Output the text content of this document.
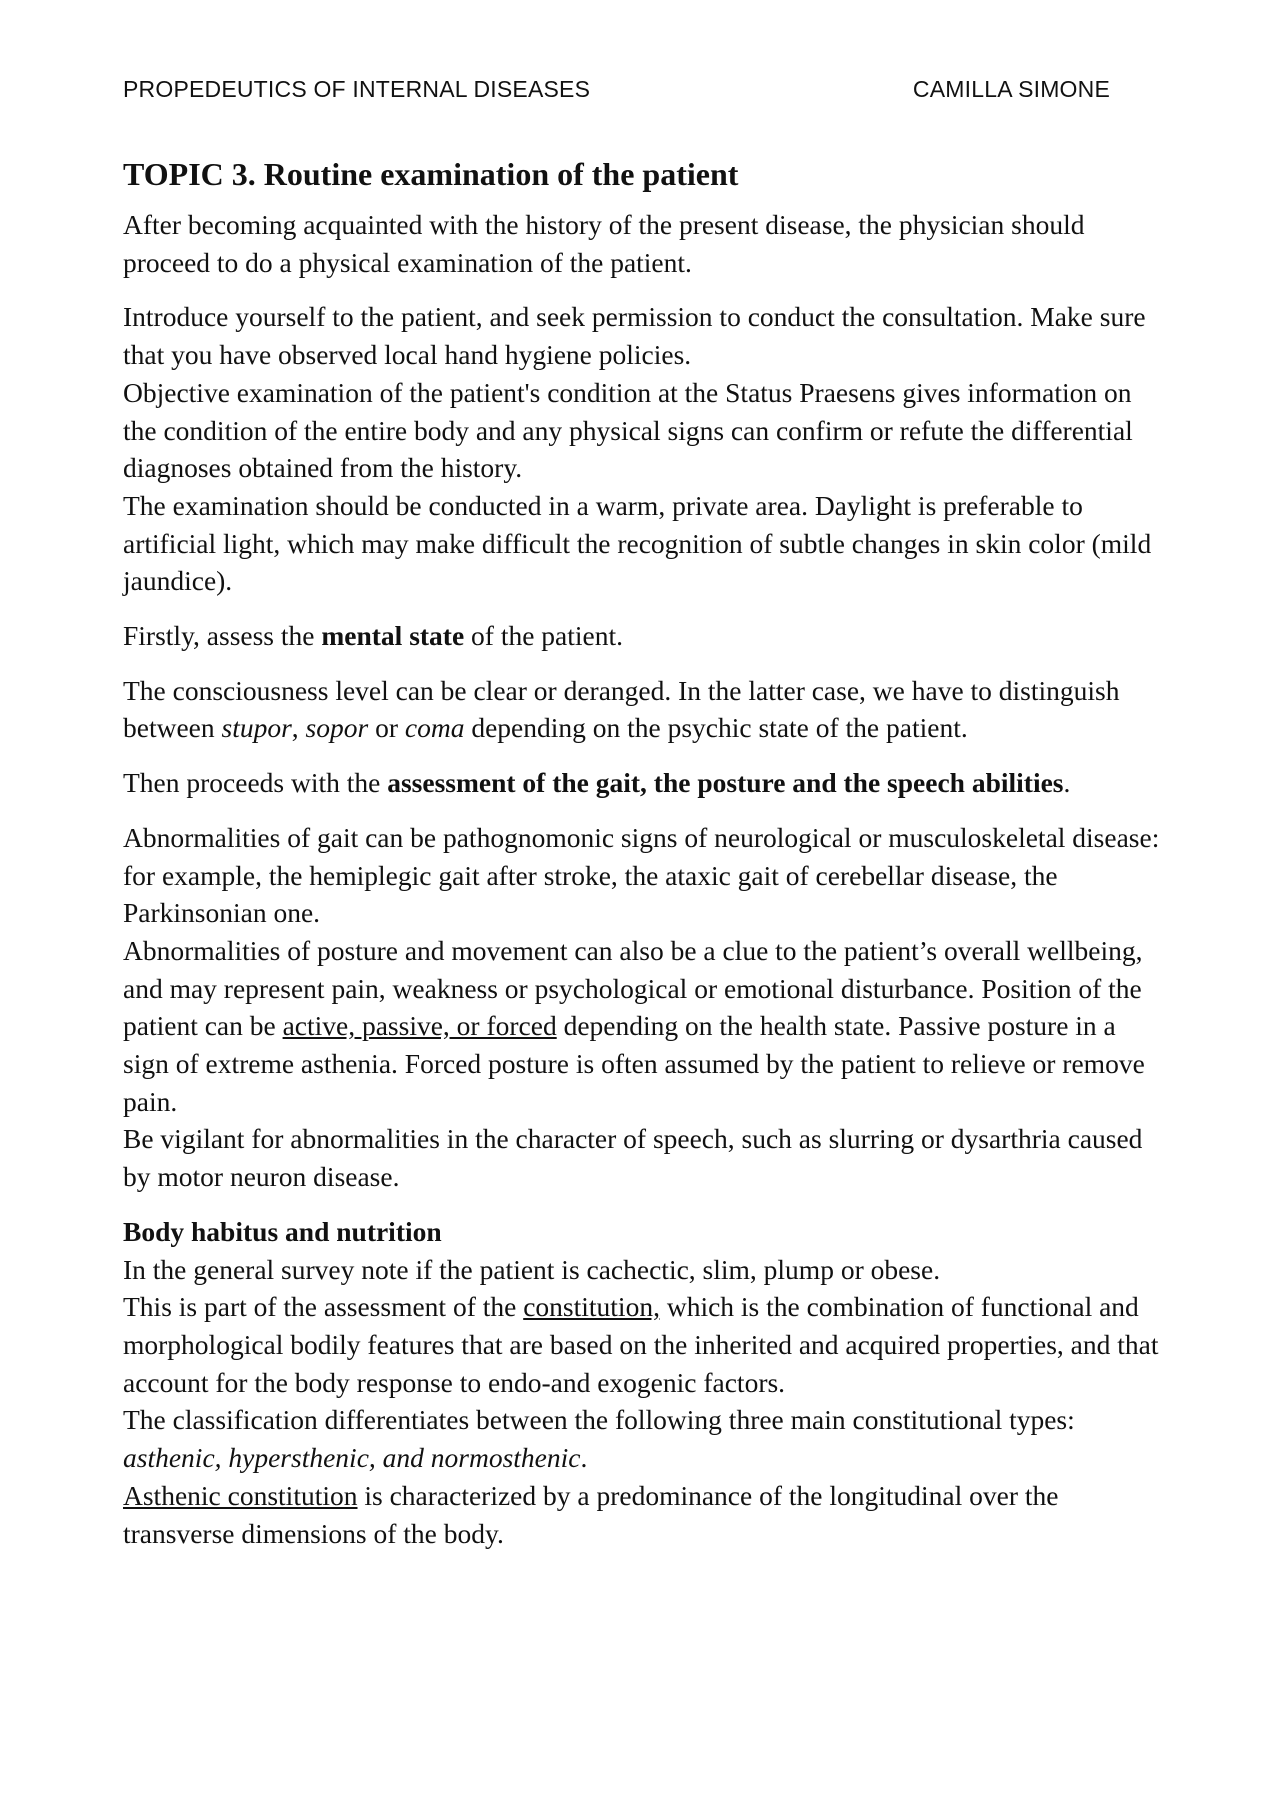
PROPEDEUTICS OF INTERNAL DISEASES	CAMILLA SIMONE
TOPIC 3. Routine examination of the patient

After becoming acquainted with the history of the present disease, the physician should proceed to do a physical examination of the patient.

Introduce yourself to the patient, and seek permission to conduct the consultation. Make sure that you have observed local hand hygiene policies.
Objective examination of the patient's condition at the Status Praesens gives information on the condition of the entire body and any physical signs can confirm or refute the differential diagnoses obtained from the history.
The examination should be conducted in a warm, private area. Daylight is preferable to artificial light, which may make difficult the recognition of subtle changes in skin color (mild jaundice).

Firstly, assess the mental state of the patient.

The consciousness level can be clear or deranged. In the latter case, we have to distinguish between stupor, sopor or coma depending on the psychic state of the patient.

Then proceeds with the assessment of the gait, the posture and the speech abilities.

Abnormalities of gait can be pathognomonic signs of neurological or musculoskeletal disease: for example, the hemiplegic gait after stroke, the ataxic gait of cerebellar disease, the Parkinsonian one.
Abnormalities of posture and movement can also be a clue to the patient’s overall wellbeing, and may represent pain, weakness or psychological or emotional disturbance. Position of the patient can be active, passive, or forced depending on the health state. Passive posture in a sign of extreme asthenia. Forced posture is often assumed by the patient to relieve or remove pain.
Be vigilant for abnormalities in the character of speech, such as slurring or dysarthria caused by motor neuron disease.

Body habitus and nutrition
In the general survey note if the patient is cachectic, slim, plump or obese.
This is part of the assessment of the constitution, which is the combination of functional and morphological bodily features that are based on the inherited and acquired properties, and that account for the body response to endo-and exogenic factors.
The classification differentiates between the following three main constitutional types: asthenic, hypersthenic, and normosthenic.
Asthenic constitution is characterized by a predominance of the longitudinal over the transverse dimensions of the body.
